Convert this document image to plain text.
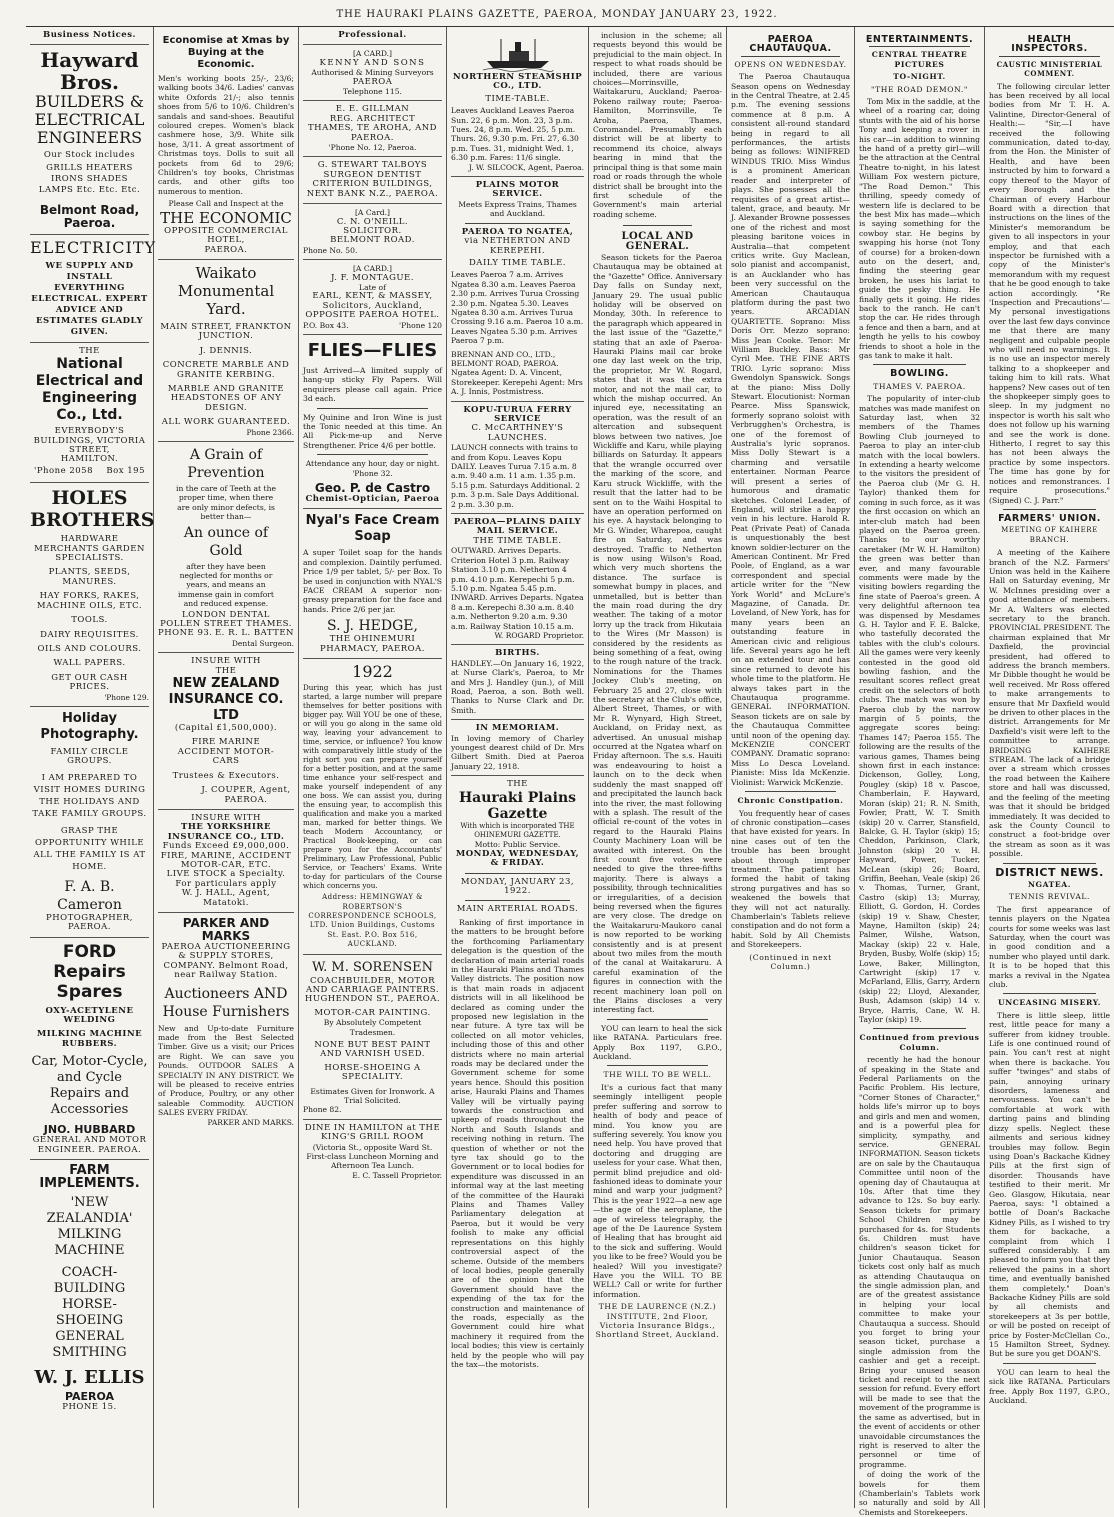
THE HAURAKI PLAINS GAZETTE, PAEROA, MONDAY JANUARY 23, 1922.
Business Notices.
Hayward Bros.
BUILDERS &
ELECTRICAL
ENGINEERS
Our Stock includes
GRILLS HEATERS IRONS SHADES LAMPS Etc. Etc. Etc.
Belmont Road, Paeroa.
ELECTRICITY
WE SUPPLY AND INSTALL EVERYTHING ELECTRICAL. EXPERT ADVICE AND ESTIMATES GLADLY GIVEN.
THE
National Electrical and Engineering Co., Ltd.
EVERYBODY'S BUILDINGS, VICTORIA STREET,
HAMILTON.
'Phone 2058 Box 195
HOLES BROTHERS
HARDWARE MERCHANTS GARDEN SPECIALISTS.
PLANTS, SEEDS, MANURES.
HAY FORKS, RAKES, MACHINE OILS, ETC.
TOOLS.
DAIRY REQUISITES.
OILS AND COLOURS.
WALL PAPERS.
GET OUR CASH PRICES.
'Phone 129.
Holiday Photography.
FAMILY CIRCLE GROUPS.
I AM PREPARED TO VISIT HOMES DURING THE HOLIDAYS AND TAKE FAMILY GROUPS.
GRASP THE OPPORTUNITY WHILE ALL THE FAMILY IS AT HOME.
F. A. B. Cameron
PHOTOGRAPHER, PAEROA.
FORD Repairs Spares
OXY-ACETYLENE WELDING
MILKING MACHINE RUBBERS.
Car, Motor-Cycle, and Cycle Repairs and Accessories
JNO. HUBBARD
GENERAL AND MOTOR ENGINEER. PAEROA.
FARM IMPLEMENTS.
'NEW ZEALANDIA' MILKING MACHINE
COACH-BUILDING HORSE-SHOEING GENERAL SMITHING
W. J. ELLIS
PAEROA
PHONE 15.
Economise at Xmas by Buying at the Economic.
Men's working boots 25/-, 23/6; walking boots 34/6. Ladies' canvas white Oxfords 21/-; also tennis shoes from 5/6 to 10/6. Children's sandals and sand-shoes. Beautiful coloured crepes. Women's black cashmere hose, 3/9. White silk hose, 3/11. A great assortment of Christmas toys. Dolls to suit all pockets from 6d to 29/6; Children's toy books, Christmas cards, and other gifts too numerous to mention.
Please Call and Inspect at the
THE ECONOMIC
OPPOSITE COMMERCIAL HOTEL,
PAEROA.
Waikato Monumental Yard.
MAIN STREET, FRANKTON JUNCTION.
J. DENNIS.
CONCRETE MARBLE AND GRANITE KERBING.
MARBLE AND GRANITE HEADSTONES OF ANY DESIGN.
ALL WORK GUARANTEED.
Phone 2366.
A Grain of
Prevention
in the care of Teeth at the proper time, when there are only minor defects, is better than—
An ounce of
Gold
after they have been neglected for months or years, and means an immense gain in comfort and reduced expense.
LONDON DENTAL
POLLEN STREET THAMES.
PHONE 93. E. R. L. BATTEN
Dental Surgeon.
INSURE WITH
THE
NEW ZEALAND INSURANCE CO. LTD
(Capital £1,500,000).
FIRE MARINE ACCIDENT MOTOR-CARS
Trustees & Executors.
J. COUPER, Agent, PAEROA.
INSURE WITH
THE YORKSHIRE INSURANCE CO., LTD.
Funds Exceed £9,000,000.
FIRE, MARINE, ACCIDENT MOTOR-CAR, ETC.
LIVE STOCK a Specialty.
For particulars apply
W. J. HALL, Agent, Matatoki.
PARKER AND MARKS
PAEROA AUCTIONEERING & SUPPLY STORES, COMPANY. Belmont Road, near Railway Station.
Auctioneers AND House Furnishers
New and Up-to-date Furniture made from the Best Selected Timber. Give us a visit; our Prices are Right. We can save you Pounds. OUTDOOR SALES A SPECIALTY IN ANY DISTRICT. We will be pleased to receive entries of Produce, Poultry, or any other saleable Commodity. AUCTION SALES EVERY FRIDAY.
PARKER AND MARKS.
Professional.
[A CARD.]
KENNY AND SONS
Authorised & Mining Surveyors
PAEROA
Telephone 115.
E. E. GILLMAN
REG. ARCHITECT
THAMES, TE AROHA, AND PAEROA.
'Phone No. 12, Paeroa.
G. STEWART TALBOYS
SURGEON DENTIST
CRITERION BUILDINGS, NEXT BANK N.Z., PAEROA.
[A Card.]
C. N. O'NEILL.
SOLICITOR.
BELMONT ROAD.
Phone No. 50.
[A CARD.]
J. F. MONTAGUE.
Late of
EARL, KENT, & MASSEY, Solicitors, Auckland,
OPPOSITE PAEROA HOTEL.
P.O. Box 43.	'Phone 120
FLIES—FLIES
Just Arrived—A limited supply of hang-up sticky Fly Papers. Will enquirers please call again. Price 3d each.
My Quinine and Iron Wine is just the Tonic needed at this time. An All Pick-me-up and Nerve Strengthener. Price 4/6 per bottle.
Attendance any hour, day or night. 'Phone 32.
Geo. P. de Castro
Chemist-Optician, Paeroa
Nyal's Face Cream Soap
A super Toilet soap for the hands and complexion. Daintily perfumed. Price 1/9 per tablet, 5/- per Box. To be used in conjunction with NYAL'S FACE CREAM A superior non-greasy preparation for the face and hands. Price 2/6 per jar.
S. J. HEDGE,
THE OHINEMURI PHARMACY, PAEROA.
1922
During this year, which has just started, a large number will prepare themselves for better positions with bigger pay. Will YOU be one of these, or will you go along in the same old way, leaving your advancement to time, service, or influence? You know with comparatively little study of the right sort you can prepare yourself for a better position, and at the same time enhance your self-respect and make yourself independent of any one boss. We can assist you, during the ensuing year, to accomplish this qualification and make you a marked man, marked for better things. We teach Modern Accountancy, or Practical Book-keeping, or can prepare you for the Accountants' Preliminary, Law Professional, Public Service, or Teachers' Exams. Write to-day for particulars of the Course which concerns you.
Address: HEMINGWAY & ROBERTSON'S CORRESPONDENCE SCHOOLS, LTD. Union Buildings, Customs St. East. P.O. Box 516, AUCKLAND.
W. M. SORENSEN
COACHBUILDER, MOTOR AND CARRIAGE PAINTERS.
HUGHENDON ST., PAEROA.
MOTOR-CAR PAINTING.
By Absolutely Competent Tradesmen.
NONE BUT BEST PAINT AND VARNISH USED.
HORSE-SHOEING A SPECIALITY.
Estimates Given for Ironwork. A Trial Solicited.
Phone 82.
DINE IN HAMILTON at THE KING'S GRILL ROOM
(Victoria St., opposite Ward St. First-class Luncheon Morning and Afternoon Tea Lunch.
E. C. Tassell Proprietor.
NORTHERN STEAMSHIP CO., LTD.
TIME-TABLE.
Leaves Auckland Leaves Paeroa Sun. 22, 6 p.m. Mon. 23, 3 p.m. Tues. 24, 8 p.m. Wed. 25, 5 p.m. Thurs. 26, 9.30 p.m. Fri. 27, 6.30 p.m. Tues. 31, midnight Wed. 1, 6.30 p.m. Fares: 11/6 single.
J. W. SILCOCK, Agent, Paeroa.
PLAINS MOTOR SERVICE.
Meets Express Trains, Thames and Auckland.
PAEROA TO NGATEA,
via NETHERTON AND KEREPEHI.
DAILY TIME TABLE.
Leaves Paeroa 7 a.m. Arrives Ngatea 8.30 a.m. Leaves Paeroa 2.30 p.m. Arrives Turua Crossing 2.30 p.m. Ngatea 5.30. Leaves Ngatea 8.30 a.m. Arrives Turua Crossing 9.16 a.m. Paeroa 10 a.m. Leaves Ngatea 5.30 p.m. Arrives Paeroa 7 p.m.
BRENNAN AND CO., LTD., BELMONT ROAD, PAEROA. Ngatea Agent: D. A. Vincent, Storekeeper. Kerepehi Agent: Mrs A. J. Innis, Postmistress.
KOPU-TURUA FERRY SERVICE
C. McCARTHNEY'S LAUNCHES.
LAUNCH connects with trains to and from Kopu. Leaves Kopu DAILY. Leaves Turua 7.15 a.m. 8 a.m. 9.40 a.m. 11 a.m. 1.35 p.m. 5.15 p.m. Saturdays Additional. 2 p.m. 3 p.m. Sale Days Additional. 2 p.m. 3.30 p.m.
PAEROA—PLAINS DAILY MAIL SERVICE.
THE TIME TABLE.
OUTWARD. Arrives Departs. Criterion Hotel 3 p.m. Railway Station 3.10 p.m. Netherton 4 p.m. 4.10 p.m. Kerepechi 5 p.m. 5.10 p.m. Ngatea 5.45 p.m. INWARD. Arrives Departs. Ngatea 8 a.m. Kerepechi 8.30 a.m. 8.40 a.m. Netherton 9.20 a.m. 9.30 a.m. Railway Station 10.15 a.m.
W. ROGARD Proprietor.
BIRTHS.
HANDLEY.—On January 16, 1922, at Nurse Clark's, Paeroa, to Mr and Mrs J. Handley (jun.), of Mill Road, Paeroa, a son. Both well. Thanks to Nurse Clark and Dr. Smith.
IN MEMORIAM.
In loving memory of Charley youngest dearest child of Dr. Mrs Gilbert Smith. Died at Paeroa January 22, 1918.
THE
Hauraki Plains Gazette
With which is incorporated THE OHINEMURI GAZETTE.
Motto: Public Service.
MONDAY, WEDNESDAY, & FRIDAY.
MONDAY, JANUARY 23, 1922.
MAIN ARTERIAL ROADS.

Ranking of first importance in the matters to be brought before the forthcoming Parliamentary delegation is the question of the declaration of main arterial roads in the Hauraki Plains and Thames Valley districts. The position now is that main roads in adjacent districts will in all likelihood be declared as coming under the proposed new legislation in the near future. A tyre tax will be collected on all motor vehicles, including those of this and other districts where no main arterial roads may be declared under the Government scheme for some years hence. Should this position arise, Hauraki Plains and Thames Valley will be virtually paying towards the construction and upkeep of roads throughout the North and South Islands and receiving nothing in return. The question of whether or not the tyre tax should go to the Government or to local bodies for expenditure was discussed in an informal way at the last meeting of the committee of the Hauraki Plains and Thames Valley Parliamentary delegation at Paeroa, but it would be very foolish to make any official representations on this highly controversial aspect of the scheme. Outside of the members of local bodies, people generally are of the opinion that the Government should have the expending of the tax for the construction and maintenance of the roads, especially as the Government could hire what machinery it required from the local bodies; this view is certainly held by the people who will pay the tax—the motorists.

inclusion in the scheme; all requests beyond this would be prejudicial to the main object. In respect to what roads should be included, there are various choices—Morrinsville, Waitakaruru, Auckland; Paeroa-Pokeno railway route; Paeroa-Hamilton, Morrinsville, Te Aroha, Paeroa, Thames, Coromandel. Presumably each district will be at liberty to recommend its choice, always bearing in mind that the principal thing is that some main road or roads through the whole district shall be brought into the first schedule of the Government's main arterial roading scheme.

LOCAL AND GENERAL.

Season tickets for the Paeroa Chautauqua may be obtained at the "Gazette" Office. Anniversary Day falls on Sunday next, January 29. The usual public holiday will be observed on Monday, 30th. In reference to the paragraph which appeared in the last issue of the "Gazette," stating that an axle of Paeroa-Hauraki Plains mail car broke one day last week on the trip, the proprietor, Mr W. Rogard, states that it was the extra motor, and not the mail car, to which the mishap occurred. An injured eye, necessitating an operation, was the result of an altercation and subsequent blows between two natives, Joe Wickliffe and Karu, while playing billiards on Saturday. It appears that the wrangle occurred over the marking of the score, and Karu struck Wickliffe, with the result that the latter had to be sent on to the Waihi Hospital to have an operation performed on his eye. A haystack belonging to Mr G. Winder, Wharepoa, caught fire on Saturday, and was destroyed. Traffic to Netherton is now using Wilson's Road, which very much shortens the distance. The surface is somewhat bumpy in places, and unmetalled, but is better than the main road during the dry weather. The taking of a motor lorry up the track from Hikutaia to the Wires (Mr Masson) is considered by the residents as being something of a feat, owing to the rough nature of the track. Nominations for the Thames Jockey Club's meeting, on February 25 and 27, close with the secretary at the Club's office, Albert Street, Thames, or with Mr R. Wynyard, High Street, Auckland, on Friday next, as advertised. An unusual mishap occurred at the Ngatea wharf on Friday afternoon. The s.s. Hauiti was endeavouring to hoist a launch on to the deck when suddenly the mast snapped off and precipitated the launch back into the river, the mast following with a splash. The result of the official re-count of the votes in regard to the Hauraki Plains County Machinery Loan will be awaited with interest. On the first count five votes were needed to give the three-fifths majority. There is always a possibility, through technicalities or irregularities, of a decision being reversed when the figures are very close. The dredge on the Waitakaruru-Maukoro canal is now reported to be working consistently and is at present about two miles from the mouth of the canal at Waitakaruru. A careful examination of the figures in connection with the recent machinery loan poll on the Plains discloses a very interesting fact.

YOU can learn to heal the sick like RATANA. Particulars free. Apply Box 1197, G.P.O., Auckland.

THE WILL TO BE WELL.

It's a curious fact that many seemingly intelligent people prefer suffering and sorrow to health of body and peace of mind. You know you are suffering severely. You know you need help. You have proved that doctoring and drugging are useless for your case. What then, permit blind prejudice and old-fashioned ideas to dominate your mind and warp your judgment? This is the year 1922—a new age—the age of the aeroplane, the age of wireless telegraphy, the age of the De Laurence System of Healing that has brought aid to the sick and suffering. Would you like to be free? Would you be healed? Will you investigate? Have you the WILL TO BE WELL? Call or write for further information.

THE DE LAURENCE (N.Z.) INSTITUTE, 2nd Floor, Victoria Insurance Bldgs., Shortland Street, Auckland.
PAEROA CHAUTAUQUA.
OPENS ON WEDNESDAY.

The Paeroa Chautauqua Season opens on Wednesday in the Central Theatre, at 2.45 p.m. The evening sessions commence at 8 p.m. A consistent all-round standard being in regard to all performances, the artists being as follows: WINIFRED WINDUS TRIO. Miss Windus is a prominent American reader and interpreter of plays. She possesses all the requisites of a great artist—talent, grace, and beauty. Mr J. Alexander Browne possesses one of the richest and most pleasing baritone voices in Australia—that competent critics write. Guy Maclean, solo pianist and accompanist, is an Aucklander who has been very successful on the American Chautauqua platform during the past two years. ARCADIAN QUARTETTE. Soprano: Miss Doris Orr. Mezzo soprano: Miss Jean Cooke. Tenor: Mr William Buckley. Bass: Mr Cyril Mee. THE FINE ARTS TRIO. Lyric soprano: Miss Gwendolyn Spanswick. Songs at the piano: Miss Dolly Stewart. Elocutionist: Norman Pearce. Miss Spanswick, formerly soprano soloist with Verbrugghen's Orchestra, is one of the foremost of Australia's lyric sopranos. Miss Dolly Stewart is a charming and versatile entertainer. Norman Pearce will present a series of humorous and dramatic sketches. Colonel Leader, of England, will strike a happy vein in his lecture. Harold R. Peat (Private Peat) of Canada is unquestionably the best known soldier-lecturer on the American Continent. Mr Fred Poole, of England, as a war correspondent and special article writer for the "New York World" and McLure's Magazine, of Canada. Dr. Loveland, of New York, has for many years been an outstanding feature in American civic and religious life. Several years ago he left on an extended tour and has since returned to devote his whole time to the platform. He always takes part in the Chautauqua programme. GENERAL INFORMATION. Season tickets are on sale by the Chautauqua Committee until noon of the opening day. McKENZIE CONCERT COMPANY. Dramatic soprano: Miss Lo Desca Loveland. Pianiste: Miss Ida McKenzie. Violinist: Warwick McKenzie.

Chronic Constipation.

You frequently hear of cases of chronic constipation—cases that have existed for years. In nine cases out of ten the trouble has been brought about through improper treatment. The patient has formed the habit of taking strong purgatives and has so weakened the bowels that they will not act naturally. Chamberlain's Tablets relieve constipation and do not form a habit. Sold by All Chemists and Storekeepers.

(Continued in next Column.)
ENTERTAINMENTS.
CENTRAL THEATRE PICTURES
TO-NIGHT.
"THE ROAD DEMON."

Tom Mix in the saddle, at the wheel of a roaring car, doing stunts with the aid of his horse Tony and keeping a rover in his car—in addition to winning the hand of a pretty girl—will be the attraction at the Central Theatre to-night, in his latest William Fox western picture, "The Road Demon." This thrilling, speedy comedy of western life is declared to be the best Mix has made—which is saying something for the cowboy star. He begins by swapping his horse (not Tony of course) for a broken-down auto on the desert, and, finding the steering gear broken, he uses his lariat to guide the pesky thing. He finally gets it going. He rides back to the ranch. He can't stop the car. He rides through a fence and then a barn, and at length he yells to his cowboy friends to shoot a hole in the gas tank to make it halt.

BOWLING.
THAMES V. PAEROA.

The popularity of inter-club matches was made manifest on Saturday last, when 32 members of the Thames Bowling Club journeyed to Paeroa to play an inter-club match with the local bowlers. In extending a hearty welcome to the visitors the president of the Paeroa club (Mr G. H. Taylor) thanked them for coming in such force, as it was the first occasion on which an inter-club match had been played on the Paeroa green. Thanks to our worthy caretaker (Mr W. H. Hamilton) the green was better than ever, and many favourable comments were made by the visiting bowlers regarding the fine state of Paeroa's green. A very delightful afternoon tea was dispensed by Mesdames G. H. Taylor and F. E. Balcke, who tastefully decorated the tables with the club's colours. All the games were very keenly contested in the good old bowling fashion, and the resultant scores reflect great credit on the selectors of both clubs. The match was won by Paeroa club by the narrow margin of 5 points, the aggregate scores being: Thames 147; Paeroa 155. The following are the results of the various games, Thames being shown first in each instance: Dickenson, Golley, Long, Pougley (skip) 18 v. Pascoe, Chamberlain, F. Hayward, Moran (skip) 21; R. N. Smith, Fowler, Pratt, W. T. Smith (skip) 20 v. Carrer, Stansfield, Balcke, G. H. Taylor (skip) 15; Cheddon, Parkinson, Clark, Johnston (skip) 20 v. H. Hayward, Power, Tucker, McLean (skip) 26; Board, Griffin, Beehan, Veale (skip) 26 v. Thomas, Turner, Grant, Castro (skip) 13; Murray, Elliott, G. Gordon, H. Cordes (skip) 19 v. Shaw, Chester, Mayne, Hamilton (skip) 24; Palmer, Wilshe, Watson, Mackay (skip) 22 v. Hale, Bryden, Busby, Wolfe (skip) 15; Lowe, Baker, Millington, Cartwright (skip) 17 v. McFarland, Ellis, Garry, Ardern (skip) 22; Lloyd, Alexander, Bush, Adamson (skip) 14 v. Bryce, Harris, Cane, W. H. Taylor (skip) 19.

Continued from previous Column.

recently he had the honour of speaking in the State and Federal Parliaments on the Pacific Problem. His lecture, "Corner Stones of Character," holds life's mirror up to boys and girls and men and women, and is a powerful plea for simplicity, sympathy, and service. GENERAL INFORMATION. Season tickets are on sale by the Chautauqua Committee until noon of the opening day of Chautauqua at 10s. After that time they advance to 12s. So buy early. Season tickets for primary School Children may be purchased for 4s. for Students 6s. Children must have children's season ticket for Junior Chautauqua. Season tickets cost only half as much as attending Chautauqua on the single admission plan, and are of the greatest assistance in helping your local committee to make your Chautauqua a success. Should you forget to bring your season ticket, purchase a single admission from the cashier and get a receipt. Bring your unused season ticket and receipt to the next session for refund. Every effort will be made to see that the movement of the programme is the same as advertised, but in the event of accidents or other unavoidable circumstances the right is reserved to alter the personnel or time of programme.

of doing the work of the bowels for them (Chamberlain's Tablets work so naturally and sold by All Chemists and Storekeepers.

HEALTH INSPECTORS.
CAUSTIC MINISTERIAL COMMENT.

The following circular letter has been received by all local bodies from Mr T. H. A. Valintine, Director-General of Health:— "Sir,—I have received the following communication, dated to-day, from the Hon. the Minister of Health, and have been instructed by him to forward a copy thereof to the Mayor of every Borough and the Chairman of every Harbour Board with a direction that instructions on the lines of the Minister's memorandum be given to all inspectors in your employ, and that each inspector be furnished with a copy of the Minister's memorandum with my request that he be good enough to take action accordingly. "Re 'Inspection and Precautions'—My personal investigations over the last few days convince me that there are many negligent and culpable people who will need no warnings. It is no use an inspector merely talking to a shopkeeper and taking him to kill rats. What happens? New cases out of ten the shopkeeper simply goes to sleep. In my judgment no inspector is worth his salt who does not follow up his warning and see the work is done. Hitherto, I regret to say this has not been always the practice by some inspectors. The time has gone by for notices and remonstrances. I require prosecutions." (Signed) C. J. Parr."

FARMERS' UNION.
MEETING OF KAIHERE BRANCH.

A meeting of the Kaihere branch of the N.Z. Farmers' Union was held in the Kaihere Hall on Saturday evening, Mr W. McInnes presiding over a good attendance of members. Mr A. Walters was elected secretary to the branch. PROVINCIAL PRESIDENT. The chairman explained that Mr Daxfield, the provincial president, had offered to address the branch members. Mr Dibble thought he would be well received. Mr Ross offered to make arrangements to ensure that Mr Daxfield would be driven to other places in the district. Arrangements for Mr Daxfield's visit were left to the committee to arrange. BRIDGING KAIHERE STREAM. The lack of a bridge over a stream which crosses the road between the Kaihere store and hall was discussed, and the feeling of the meeting was that it should be bridged immediately. It was decided to ask the County Council to construct a foot-bridge over the stream as soon as it was possible.

DISTRICT NEWS.
NGATEA.
TENNIS REVIVAL.

The first appearance of tennis players on the Ngatea courts for some weeks was last Saturday, when the court was in good condition and a number who played until dark. It is to be hoped that this marks a revival in the Ngatea club.

UNCEASING MISERY.

There is little sleep, little rest, little peace for many a sufferer from kidney trouble. Life is one continued round of pain. You can't rest at night when there is backache. You suffer "twinges" and stabs of pain, annoying urinary disorders, lameness and nervousness. You can't be comfortable at work with darting pains and blinding dizzy spells. Neglect these ailments and serious kidney troubles may follow. Begin using Doan's Backache Kidney Pills at the first sign of disorder. Thousands have testified to their merit. Mr Geo. Glasgow, Hikutaia, near Paeroa, says: "I obtained a bottle of Doan's Backache Kidney Pills, as I wished to try them for backache, a complaint from which I suffered considerably. I am pleased to inform you that they relieved the pains in a short time, and eventually banished them completely." Doan's Backache Kidney Pills are sold by all chemists and storekeepers at 3s per bottle, or will be posted on receipt of price by Foster-McClellan Co., 15 Hamilton Street, Sydney. But be sure you get DOAN'S.

YOU can learn to heal the sick like RATANA. Particulars free. Apply Box 1197, G.P.O., Auckland.
